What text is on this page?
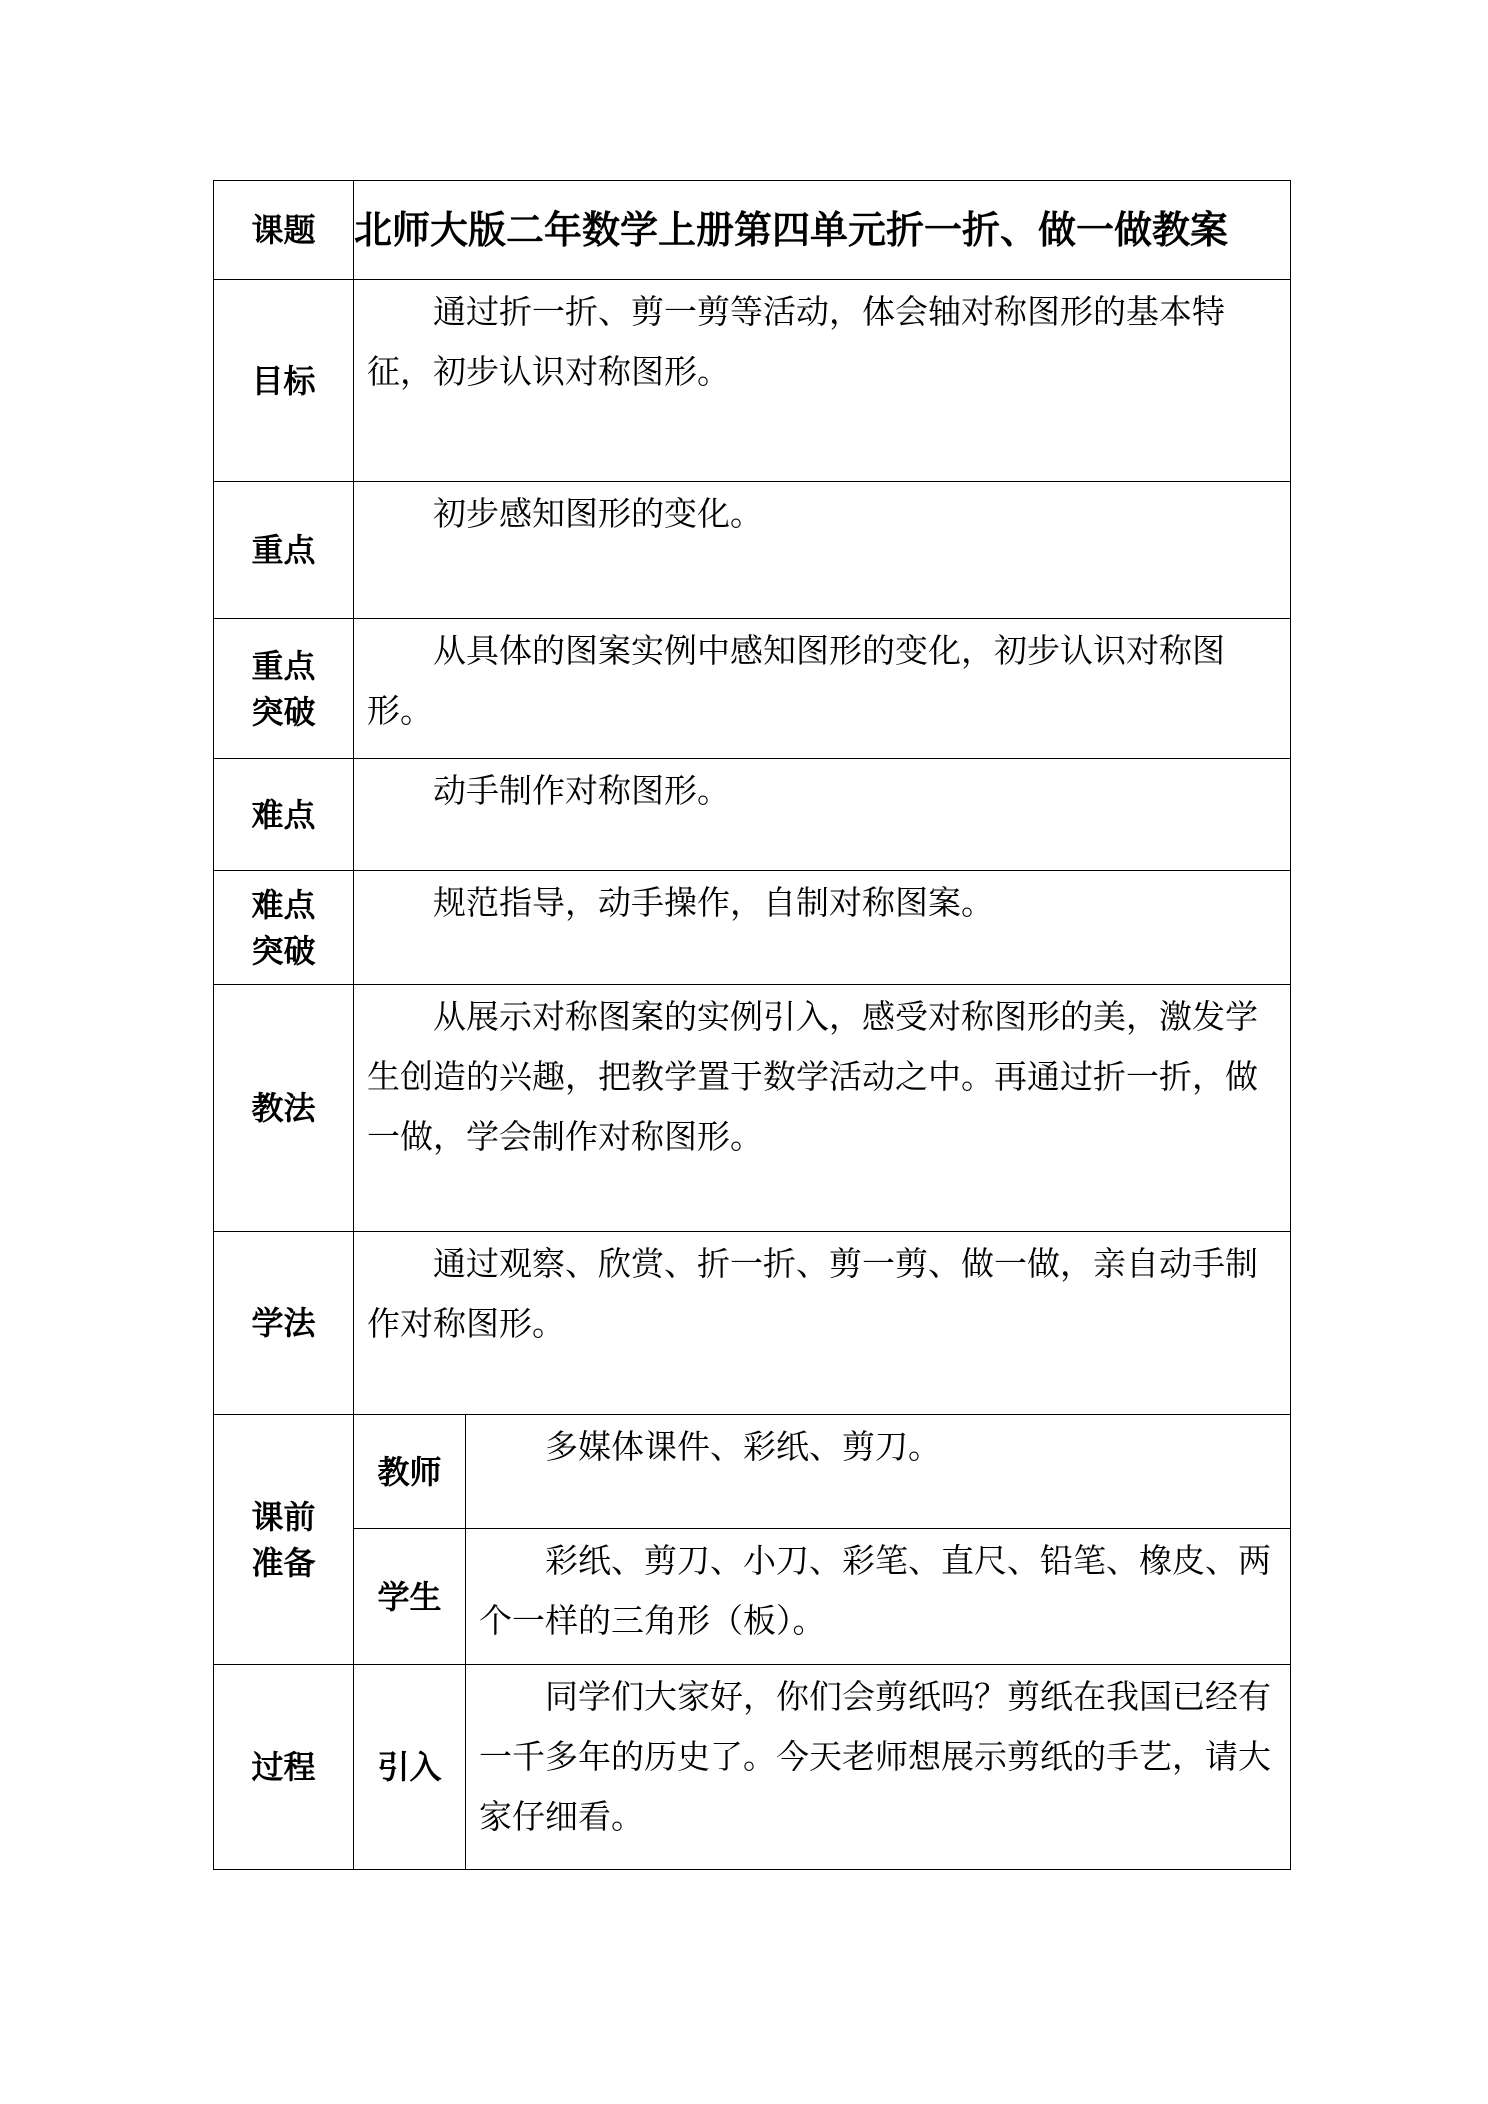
课题	北师大版二年数学上册第四单元折一折、做一做教案	

目标	通过折一折、剪一剪等活动，体会轴对称图形的基本特征，初步认识对称图形。	

重点	初步感知图形的变化。	

重点
突破	从具体的图案实例中感知图形的变化，初步认识对称图形。	

难点	动手制作对称图形。	

难点
突破	规范指导，动手操作，自制对称图案。	

教法	从展示对称图案的实例引入，感受对称图形的美，激发学生创造的兴趣，把教学置于数学活动之中。再通过折一折，做一做，学会制作对称图形。	

学法	通过观察、欣赏、折一折、剪一剪、做一做，亲自动手制作对称图形。	

课前
准备	教师	多媒体课件、彩纸、剪刀。

	学生	彩纸、剪刀、小刀、彩笔、直尺、铅笔、橡皮、两个一样的三角形（板）。

过程	引入	同学们大家好，你们会剪纸吗？剪纸在我国已经有一千多年的历史了。今天老师想展示剪纸的手艺，请大家仔细看。
